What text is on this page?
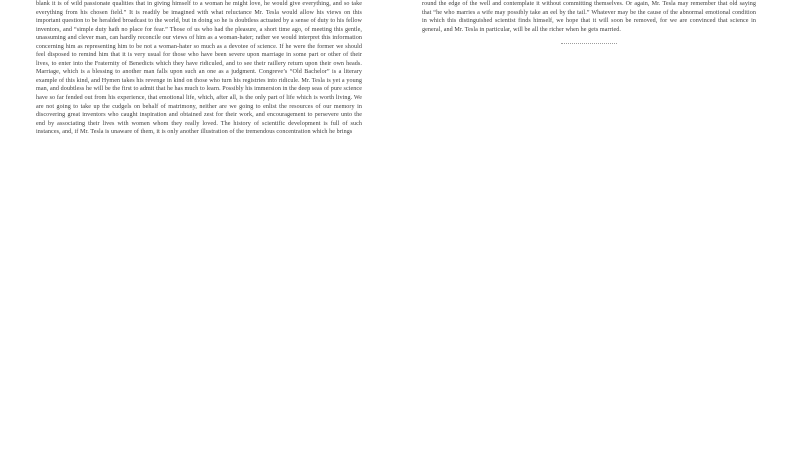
blank it is of wild passionate qualities that in giving himself to a woman he might love, he would give everything, and so take everything from his chosen field.” It is readily be imagined with what reluctance Mr. Tesla would allow his views on this important question to be heralded broadcast to the world, but in doing so he is doubtless actuated by a sense of duty to his fellow inventors, and “simple duty hath no place for fear.” Those of us who had the pleasure, a short time ago, of meeting this gentle, unassuming and clever man, can hardly reconcile our views of him as a woman-hater; rather we would interpret this information concerning him as representing him to be not a woman-hater so much as a devotee of science. If he were the former we should feel disposed to remind him that it is very usual for those who have been severe upon marriage in some part or other of their lives, to enter into the Fraternity of Benedicts which they have ridiculed, and to see their raillery return upon their own heads. Marriage, which is a blessing to another man falls upon such an one as a judgment. Congreve’s “Old Bachelor” is a literary example of this kind, and Hymen takes his revenge in kind on those who turn his registries into ridicule. Mr. Tesla is yet a young man, and doubtless he will be the first to admit that he has much to learn. Possibly his immersion in the deep seas of pure science have so far fended out from his experience, that emotional life, which, after all, is the only part of life which is worth living. We are not going to take up the cudgels on behalf of matrimony, neither are we going to enlist the resources of our memory in discovering great inventors who caught inspiration and obtained zest for their work, and encouragement to persevere unto the end by associating their lives with women whom they really loved. The history of scientific development is full of such instances, and, if Mr. Tesla is unaware of them, it is only another illustration of the tremendous concentration which he brings

round the edge of the well and contemplate it without committing themselves. Or again, Mr. Tesla may remember that old saying that “he who marries a wife may possibly take an eel by the tail.” Whatever may be the cause of the abnormal emotional condition in which this distinguished scientist finds himself, we hope that it will soon be removed, for we are convinced that science in general, and Mr. Tesla in particular, will be all the richer when he gets married.
